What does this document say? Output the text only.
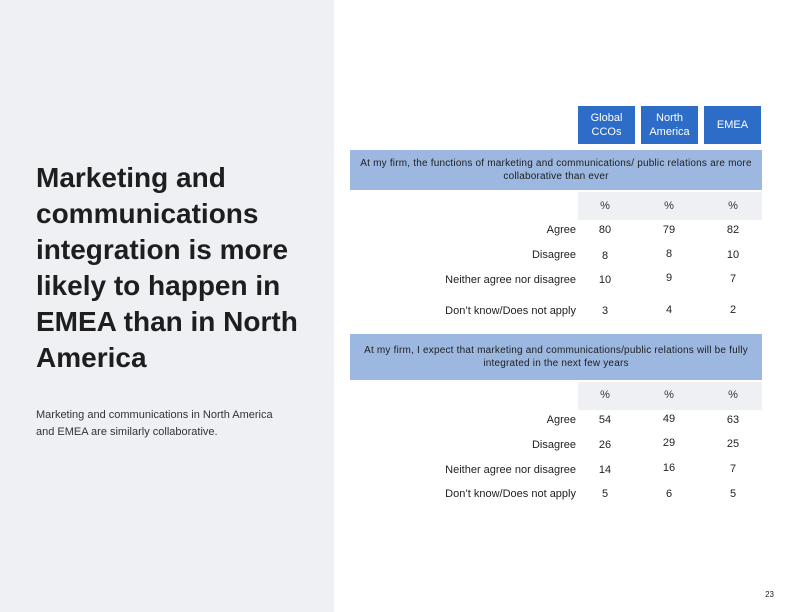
Marketing and communications integration is more likely to happen in EMEA than in North America
Marketing and communications in North America and EMEA are similarly collaborative.
Global CCOs
North America
EMEA
At my firm, the functions of marketing and communications/ public relations are more collaborative than ever
%	%	%
Agree	80	79	82
Disagree	8	8	10
Neither agree nor disagree	10	9	7
Don’t know/Does not apply	3	4	2
At my firm, I expect that marketing and communications/public relations will be fully integrated in the next few years
%	%	%
Agree	54	49	63
Disagree	26	29	25
Neither agree nor disagree	14	16	7
Don’t know/Does not apply	5	6	5
23
